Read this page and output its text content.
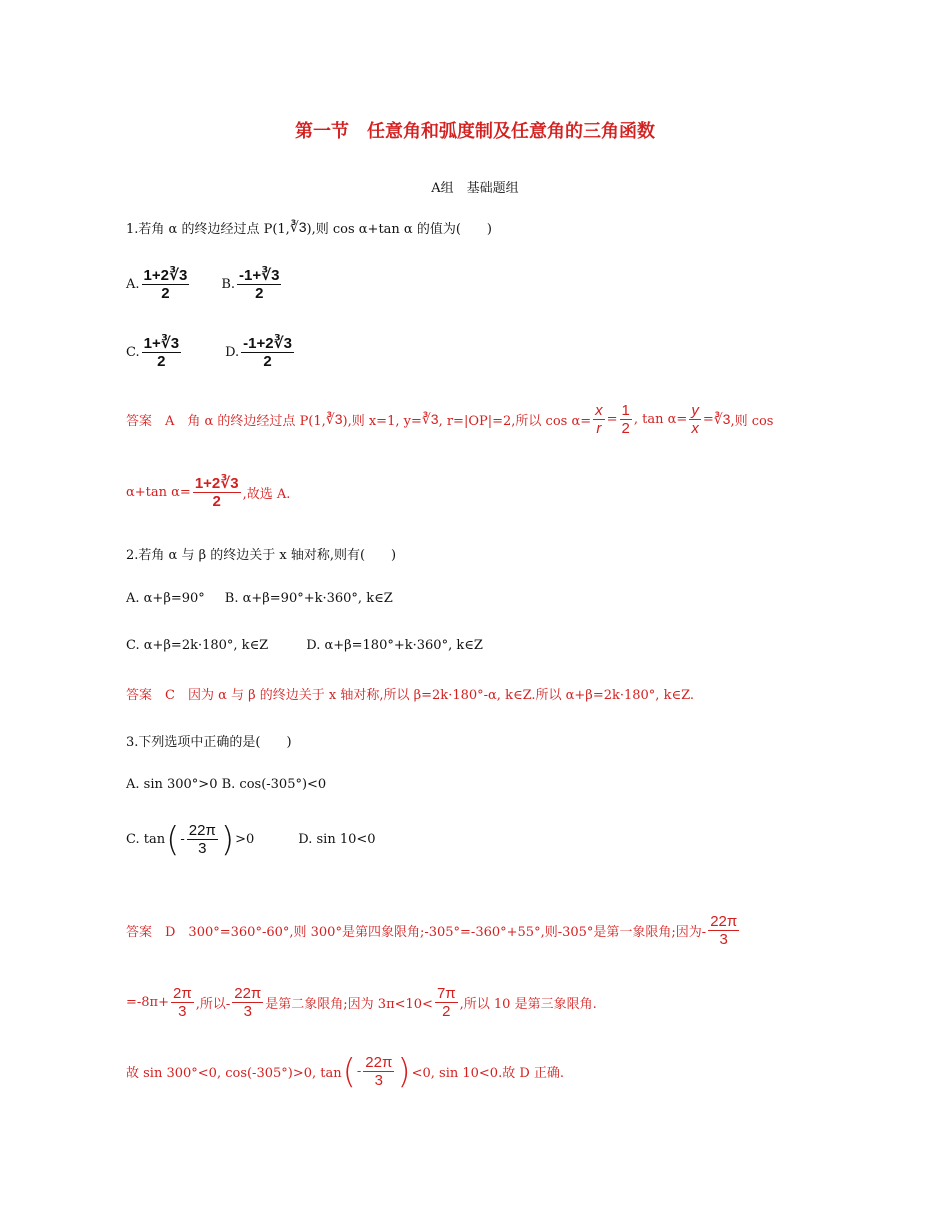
第一节　任意角和弧度制及任意角的三角函数
A组　基础题组
1.若角 α 的终边经过点 P(1, ∛3 ),则 cos α+tan α 的值为(　　)
A. $\frac{1+2∛3}{2} B$. $\frac{-1+∛3}{2}$
C. $\frac{1+∛3}{2}$	D. $\frac{-1+2∛3}{2}$
答案　A　角 α 的终边经过点 P(1, ∛3 ),则 x=1, y= ∛3 , r=|OP|=2,所以 $\cos \alpha= \frac{x}{r} = \frac{1}{2}$ , $\tan \alpha= \frac{y}{x}$ = ∛3 ,则 cos
α+tan $\alpha= \frac{1+2∛3}{2}$ ,故选 A.
2.若角 α 与 β 的终边关于 x 轴对称,则有(　　)
A. α+β=90° B. α+β=90°+k·360°, k∈Z
C. α+β=2k·180°, k∈Z	D. α+β=180°+k·360°, k∈Z
答案　C　因为 α 与 β 的终边关于 x 轴对称,所以 β=2k·180°-α, k∈Z.所以 α+β=2k·180°, k∈Z.
3.下列选项中正确的是(　　)
A. sin 300°>0 B. cos(-305°)<0
C. tan ( - $\frac{22\pi}{3}$ ) >0	D. sin 10<0
答案　D　300°=360°-60°,则 300°是第四象限角;-305°=-360°+55°,则-305°是第一象限角;因为- $\frac{22\pi}{3}$
$=-8\pi+ \frac{2\pi}{3}$ ,所以- $\frac{22\pi}{3}$ 是第二象限角;因为 $3\pi<10< \frac{7\pi}{2}$ ,所以 10 是第三象限角.
故 sin 300°<0, cos(-305°)>0, tan ( - $\frac{22\pi}{3}$ ) <0, sin 10<0.故 D 正确.
